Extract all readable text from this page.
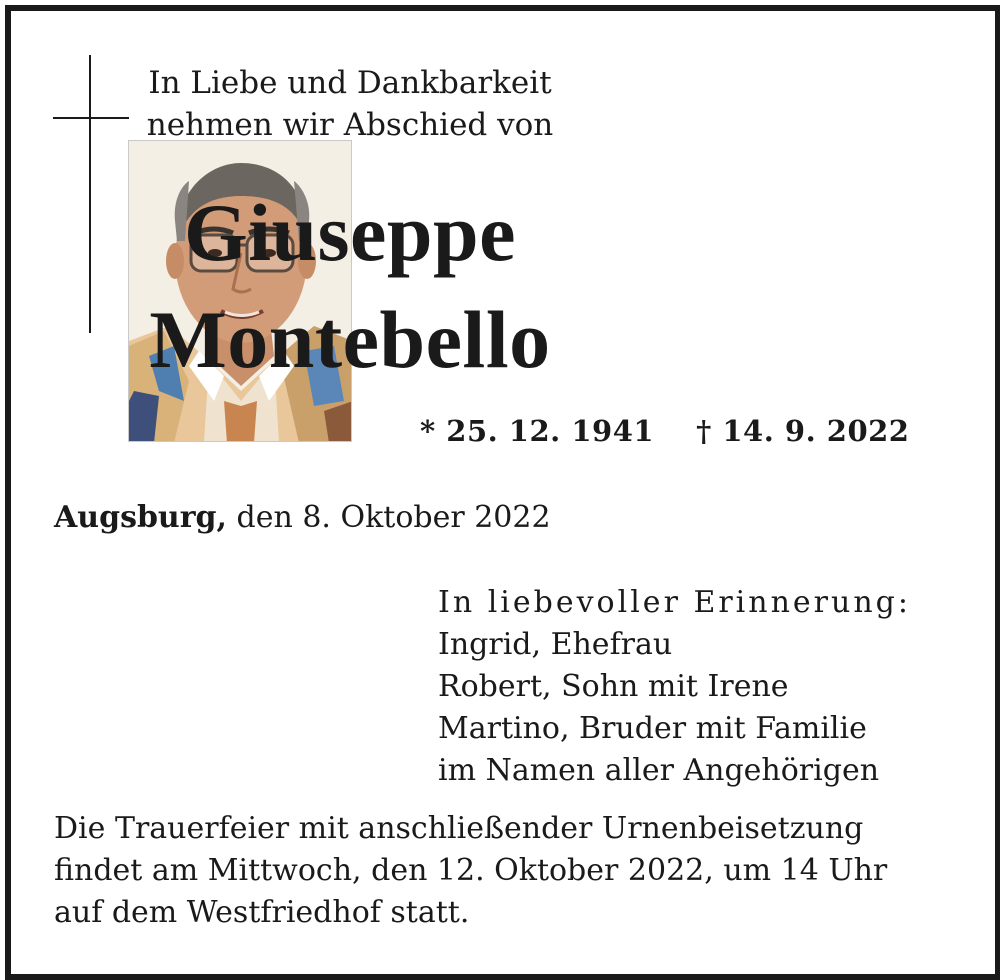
In Liebe und Dankbarkeit
nehmen wir Abschied von
Giuseppe
Montebello
* 25. 12. 1941 † 14. 9. 2022
Augsburg, den 8. Oktober 2022
In liebevoller Erinnerung:
Ingrid, Ehefrau
Robert, Sohn mit Irene
Martino, Bruder mit Familie
im Namen aller Angehörigen
Die Trauerfeier mit anschließender Urnenbeisetzung
findet am Mittwoch, den 12. Oktober 2022, um 14 Uhr
auf dem Westfriedhof statt.
